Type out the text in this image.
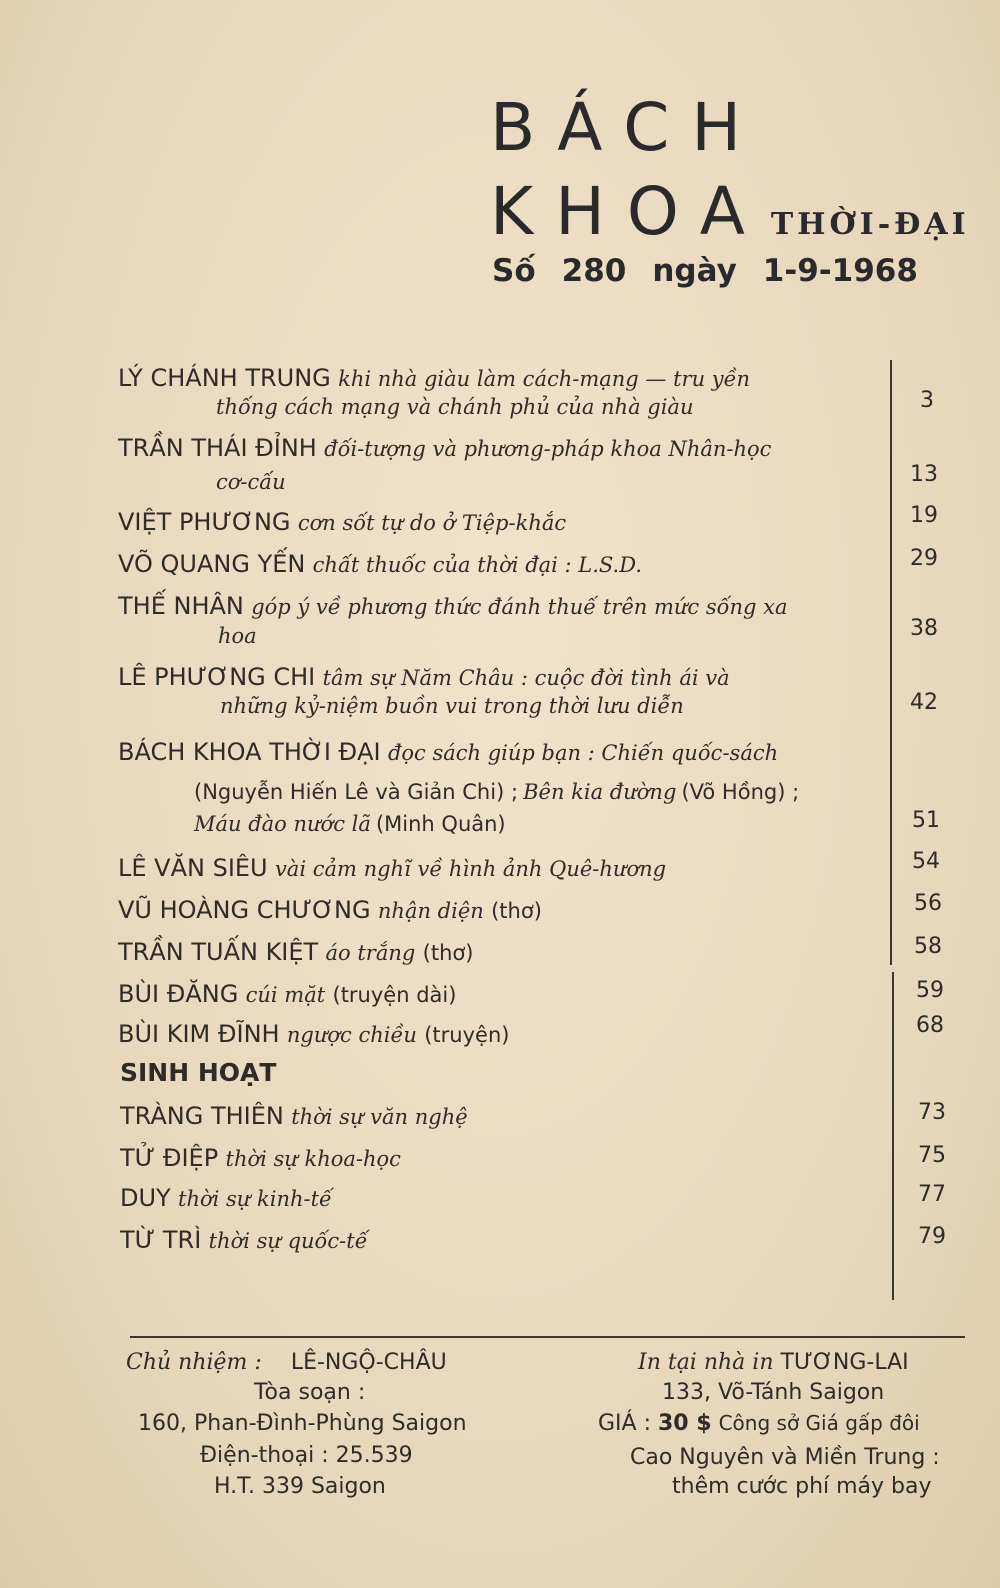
BÁCH
KHOA THỜI-ĐẠI
Số 280 ngày 1-9-1968
LÝ CHÁNH TRUNG khi nhà giàu làm cách-mạng — tru yền
thống cách mạng và chánh phủ của nhà giàu	3
TRẦN THÁI ĐỈNH đối-tượng và phương-pháp khoa Nhân-học
cơ-cấu	13
VIỆT PHƯƠNG cơn sốt tự do ở Tiệp-khắc	19
VÕ QUANG YẾN chất thuốc của thời đại : L.S.D.	29
THẾ NHÂN góp ý về phương thức đánh thuế trên mức sống xa
hoa	38
LÊ PHƯƠNG CHI tâm sự Năm Châu : cuộc đời tình ái và
những kỷ-niệm buồn vui trong thời lưu diễn	42
BÁCH KHOA THỜI ĐẠI đọc sách giúp bạn : Chiến quốc-sách
(Nguyễn Hiến Lê và Giản Chi) ; Bên kia đường (Võ Hồng) ;
Máu đào nước lã (Minh Quân)	51
LÊ VĂN SIÊU vài cảm nghĩ về hình ảnh Quê-hương	54
VŨ HOÀNG CHƯƠNG nhận diện (thơ)	56
TRẦN TUẤN KIỆT áo trắng (thơ)	58
BÙI ĐĂNG cúi mặt (truyện dài)	59
BÙI KIM ĐĨNH ngược chiều (truyện)	68
SINH HOẠT
TRÀNG THIÊN thời sự văn nghệ	73
TỬ ĐIỆP thời sự khoa-học	75
DUY thời sự kinh-tế	77
TỪ TRÌ thời sự quốc-tế	79
Chủ nhiệm : LÊ-NGỘ-CHÂU
Tòa soạn :
160, Phan-Đình-Phùng Saigon
Điện-thoại : 25.539
H.T. 339 Saigon
In tại nhà in TƯƠNG-LAI
133, Võ-Tánh Saigon
GIÁ : 30 $ Công sở Giá gấp đôi
Cao Nguyên và Miền Trung :
thêm cước phí máy bay
